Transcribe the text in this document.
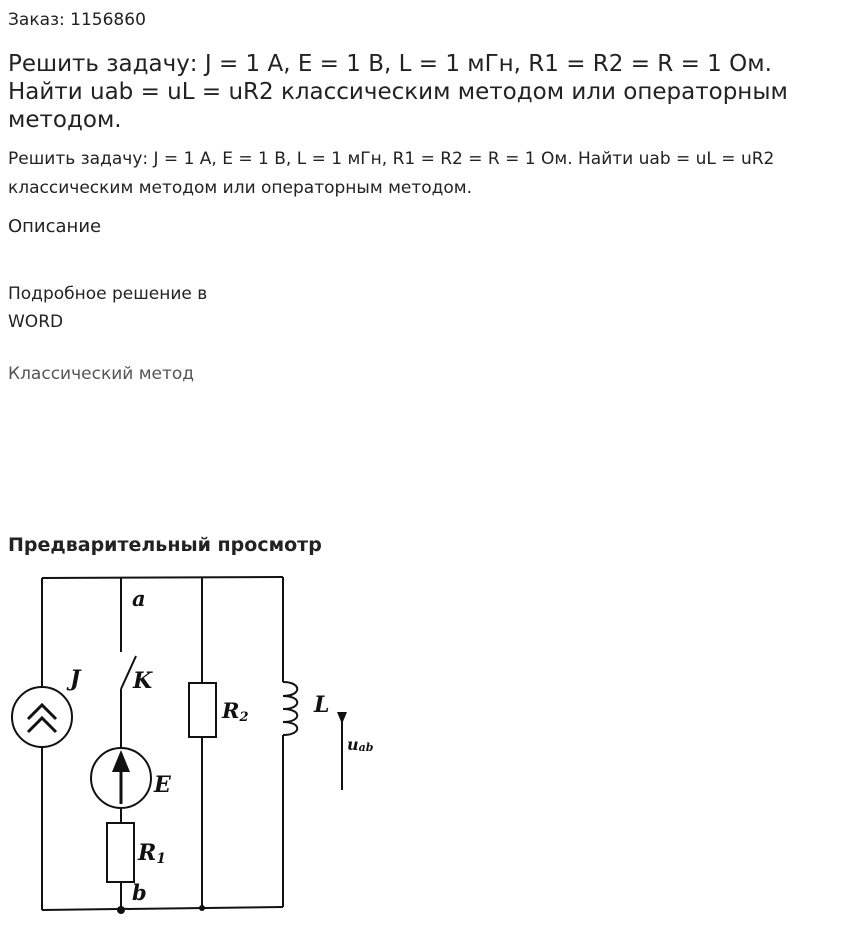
Заказ: 1156860
Решить задачу: J = 1 А, Е = 1 В, L = 1 мГн, R1 = R2 = R = 1 Ом. Найти uab = uL = uR2 классическим методом или операторным методом.
Решить задачу: J = 1 А, Е = 1 В, L = 1 мГн, R1 = R2 = R = 1 Ом. Найти uab = uL = uR2 классическим методом или операторным методом.
Описание
Подробное решение в
WORD
Классический метод
Предварительный просмотр
a
b
J K
E
R1
R2	L
uab
